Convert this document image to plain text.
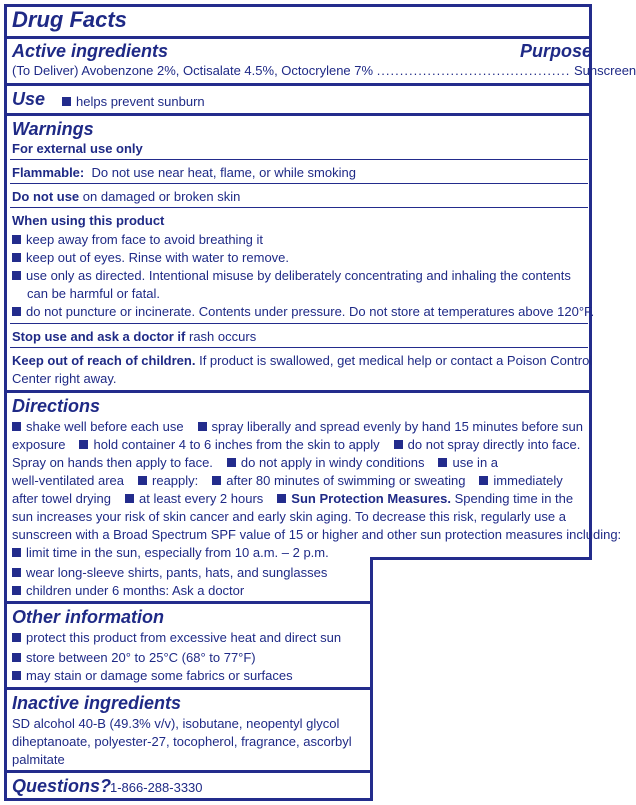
Drug Facts
Active ingredients	Purpose
(To Deliver) Avobenzone 2%, Octisalate 4.5%, Octocrylene 7% .......................................... Sunscreen
Use	helps prevent sunburn
Warnings
For external use only
Flammable: Do not use near heat, flame, or while smoking
Do not use on damaged or broken skin
When using this product
keep away from face to avoid breathing it
keep out of eyes. Rinse with water to remove.
use only as directed. Intentional misuse by deliberately concentrating and inhaling the contents
can be harmful or fatal.
do not puncture or incinerate. Contents under pressure. Do not store at temperatures above 120°F.
Stop use and ask a doctor if rash occurs
Keep out of reach of children. If product is swallowed, get medical help or contact a Poison Control
Center right away.
Directions
shake well before each use spray liberally and spread evenly by hand 15 minutes before sun
exposure hold container 4 to 6 inches from the skin to apply do not spray directly into face.
Spray on hands then apply to face. do not apply in windy conditions use in a
well-ventilated area reapply: after 80 minutes of swimming or sweating immediately
after towel drying at least every 2 hours Sun Protection Measures. Spending time in the
sun increases your risk of skin cancer and early skin aging. To decrease this risk, regularly use a
sunscreen with a Broad Spectrum SPF value of 15 or higher and other sun protection measures including:
limit time in the sun, especially from 10 a.m. – 2 p.m.
wear long-sleeve shirts, pants, hats, and sunglasses
children under 6 months: Ask a doctor
Other information
protect this product from excessive heat and direct sun
store between 20° to 25°C (68° to 77°F)
may stain or damage some fabrics or surfaces
Inactive ingredients
SD alcohol 40-B (49.3% v/v), isobutane, neopentyl glycol
diheptanoate, polyester-27, tocopherol, fragrance, ascorbyl
palmitate
Questions?
1-866-288-3330
